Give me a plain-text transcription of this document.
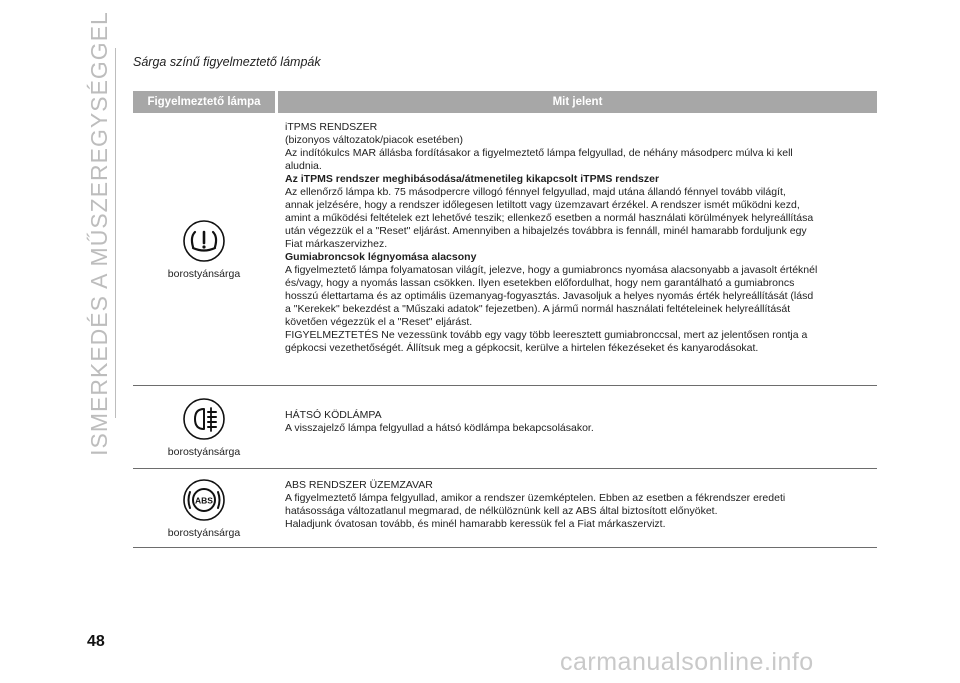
ISMERKEDÉS A MŰSZEREGYSÉGGEL Sárga színű figyelmeztető lámpák
Figyelmeztető lámpa	Mit jelent
borostyánsárga

iTPMS RENDSZER

(bizonyos változatok/piacok esetében)

Az indítókulcs MAR állásba fordításakor a figyelmeztető lámpa felgyullad, de néhány másodperc múlva ki kell

aludnia.

Az iTPMS rendszer meghibásodása/átmenetileg kikapcsolt iTPMS rendszer

Az ellenőrző lámpa kb. 75 másodpercre villogó fénnyel felgyullad, majd utána állandó fénnyel tovább világít,

annak jelzésére, hogy a rendszer időlegesen letiltott vagy üzemzavart érzékel. A rendszer ismét működni kezd,

amint a működési feltételek ezt lehetővé teszik; ellenkező esetben a normál használati körülmények helyreállítása

után végezzük el a "Reset" eljárást. Amennyiben a hibajelzés továbbra is fennáll, minél hamarabb forduljunk egy

Fiat márkaszervizhez.

Gumiabroncsok légnyomása alacsony

A figyelmeztető lámpa folyamatosan világít, jelezve, hogy a gumiabroncs nyomása alacsonyabb a javasolt értéknél

és/vagy, hogy a nyomás lassan csökken. Ilyen esetekben előfordulhat, hogy nem garantálható a gumiabroncs

hosszú élettartama és az optimális üzemanyag-fogyasztás. Javasoljuk a helyes nyomás érték helyreállítását (lásd

a "Kerekek" bekezdést a "Műszaki adatok" fejezetben). A jármű normál használati feltételeinek helyreállítását

követően végezzük el a "Reset" eljárást.

FIGYELMEZTETÉS Ne vezessünk tovább egy vagy több leeresztett gumiabronccsal, mert az jelentősen rontja a

gépkocsi vezethetőségét. Állítsuk meg a gépkocsit, kerülve a hirtelen fékezéseket és kanyarodásokat.

borostyánsárga

HÁTSÓ KÖDLÁMPA

A visszajelző lámpa felgyullad a hátsó ködlámpa bekapcsolásakor.

ABS
borostyánsárga

ABS RENDSZER ÜZEMZAVAR

A figyelmeztető lámpa felgyullad, amikor a rendszer üzemképtelen. Ebben az esetben a fékrendszer eredeti

hatásossága változatlanul megmarad, de nélkülöznünk kell az ABS által biztosított előnyöket.

Haladjunk óvatosan tovább, és minél hamarabb keressük fel a Fiat márkaszervizt.

48
carmanualsonline.info
